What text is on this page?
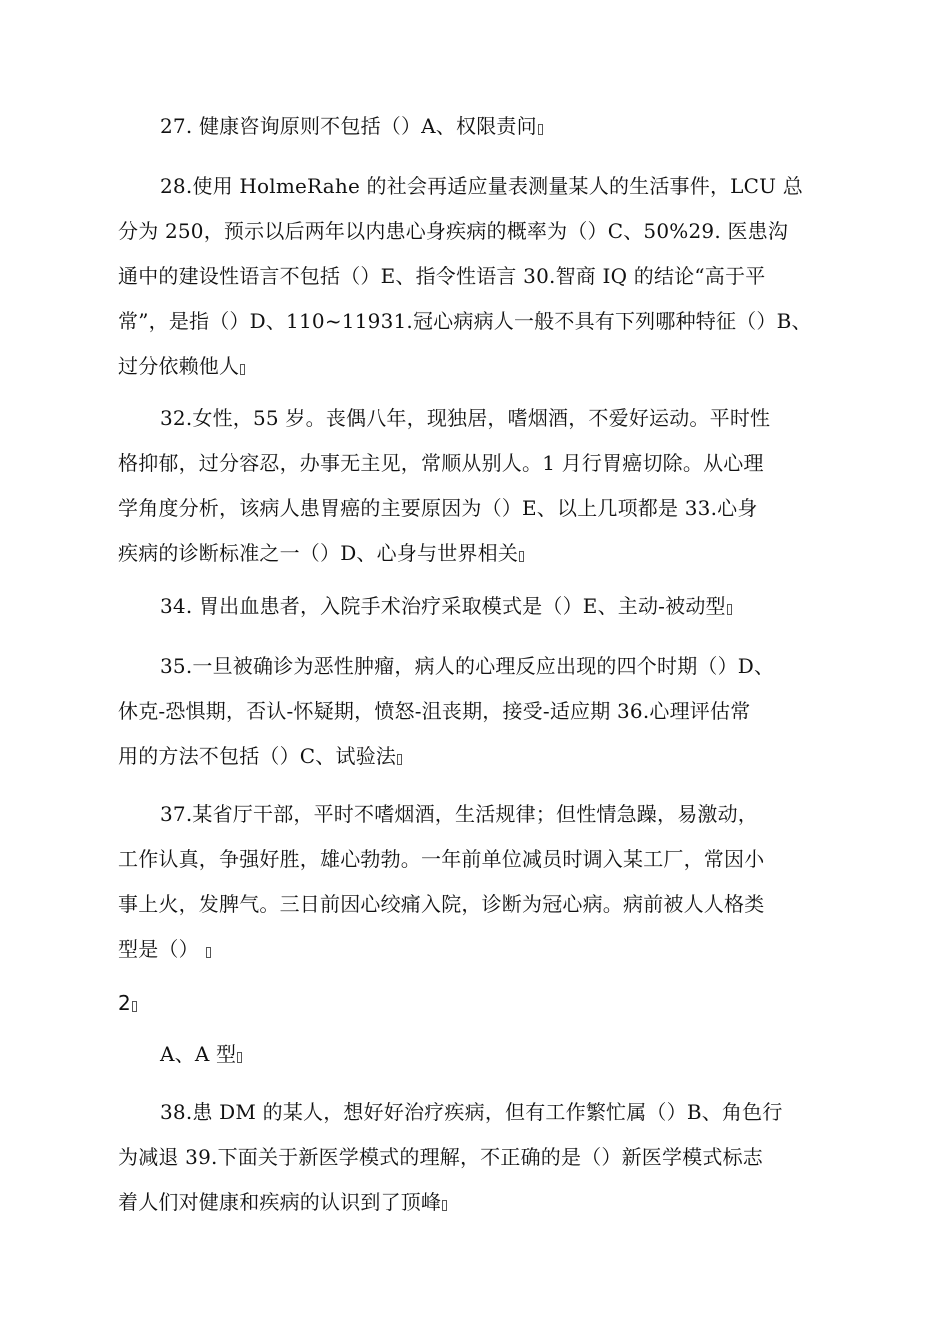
27. 健康咨询原则不包括（）A、权限责问
28.使用 HolmeRahe 的社会再适应量表测量某人的生活事件，LCU 总
分为 250，预示以后两年以内患心身疾病的概率为（）C、50%29. 医患沟
通中的建设性语言不包括（）E、指令性语言 30.智商 IQ 的结论“高于平
常”，是指（）D、110~11931.冠心病病人一般不具有下列哪种特征（）B、
过分依赖他人
32.女性，55 岁。丧偶八年，现独居，嗜烟酒，不爱好运动。平时性
格抑郁，过分容忍，办事无主见，常顺从别人。1 月行胃癌切除。从心理
学角度分析，该病人患胃癌的主要原因为（）E、以上几项都是 33.心身
疾病的诊断标准之一（）D、心身与世界相关
34. 胃出血患者，入院手术治疗采取模式是（）E、主动-被动型
35.一旦被确诊为恶性肿瘤，病人的心理反应出现的四个时期（）D、
休克-恐惧期，否认-怀疑期，愤怒-沮丧期，接受-适应期 36.心理评估常
用的方法不包括（）C、试验法
37.某省厅干部，平时不嗜烟酒，生活规律；但性情急躁，易激动，
工作认真，争强好胜，雄心勃勃。一年前单位减员时调入某工厂，常因小
事上火，发脾气。三日前因心绞痛入院，诊断为冠心病。病前被人人格类
型是（）
2
A、A 型
38.患 DM 的某人，想好好治疗疾病，但有工作繁忙属（）B、角色行
为减退 39.下面关于新医学模式的理解，不正确的是（）新医学模式标志
着人们对健康和疾病的认识到了顶峰
